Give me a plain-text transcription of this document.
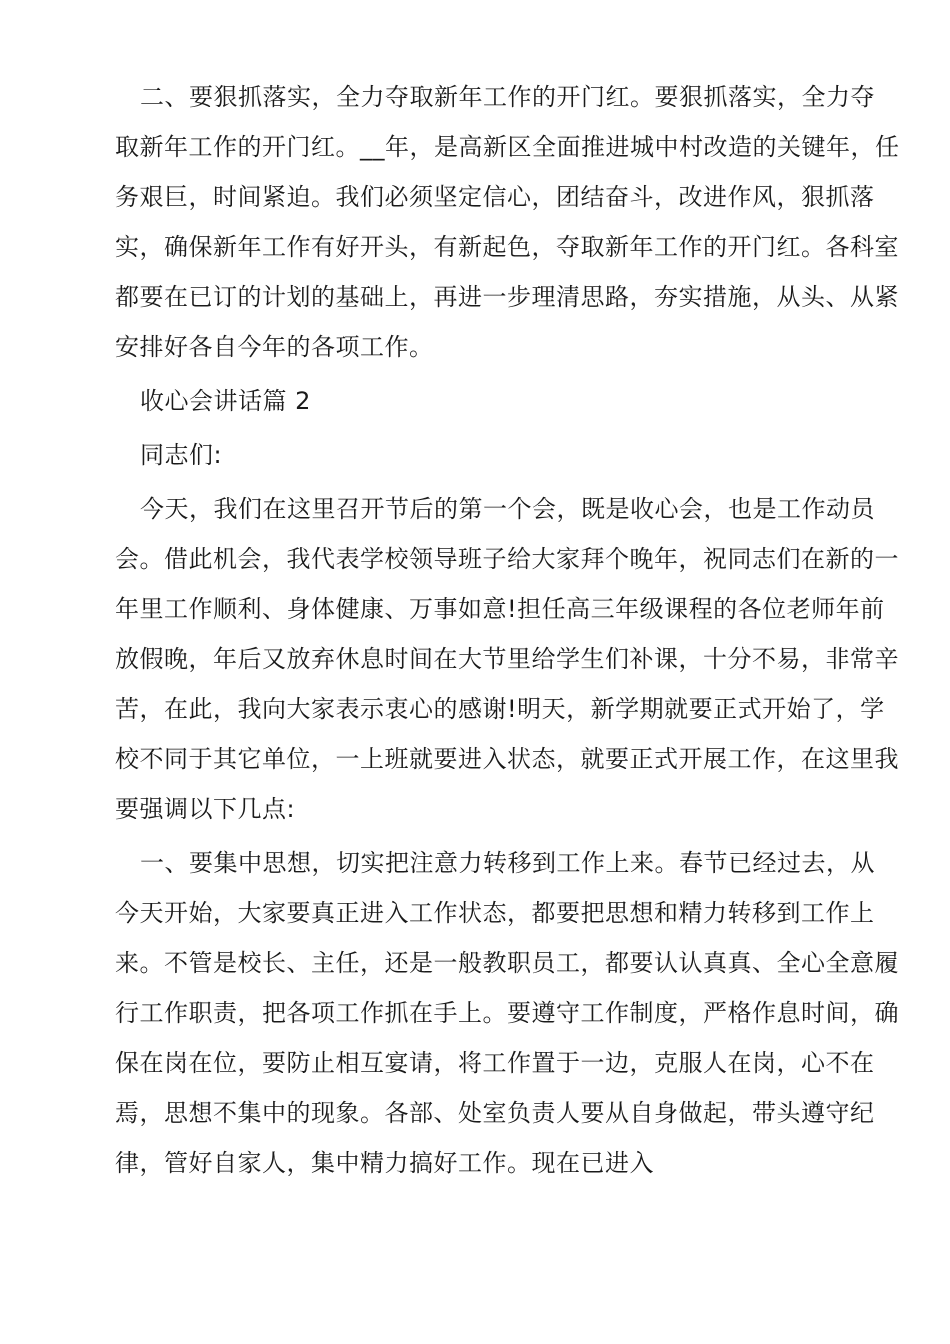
二、要狠抓落实，全力夺取新年工作的开门红。要狠抓落实，全力夺
取新年工作的开门红。__年，是高新区全面推进城中村改造的关键年，任
务艰巨，时间紧迫。我们必须坚定信心，团结奋斗，改进作风，狠抓落
实，确保新年工作有好开头，有新起色，夺取新年工作的开门红。各科室
都要在已订的计划的基础上，再进一步理清思路，夯实措施，从头、从紧
安排好各自今年的各项工作。
收心会讲话篇 2
同志们:
今天，我们在这里召开节后的第一个会，既是收心会，也是工作动员
会。借此机会，我代表学校领导班子给大家拜个晚年，祝同志们在新的一
年里工作顺利、身体健康、万事如意!担任高三年级课程的各位老师年前
放假晚，年后又放弃休息时间在大节里给学生们补课，十分不易，非常辛
苦，在此，我向大家表示衷心的感谢!明天，新学期就要正式开始了，学
校不同于其它单位，一上班就要进入状态，就要正式开展工作，在这里我
要强调以下几点:
一、要集中思想，切实把注意力转移到工作上来。春节已经过去，从
今天开始，大家要真正进入工作状态，都要把思想和精力转移到工作上
来。不管是校长、主任，还是一般教职员工，都要认认真真、全心全意履
行工作职责，把各项工作抓在手上。要遵守工作制度，严格作息时间，确
保在岗在位，要防止相互宴请，将工作置于一边，克服人在岗，心不在
焉，思想不集中的现象。各部、处室负责人要从自身做起，带头遵守纪
律，管好自家人，集中精力搞好工作。现在已进入
